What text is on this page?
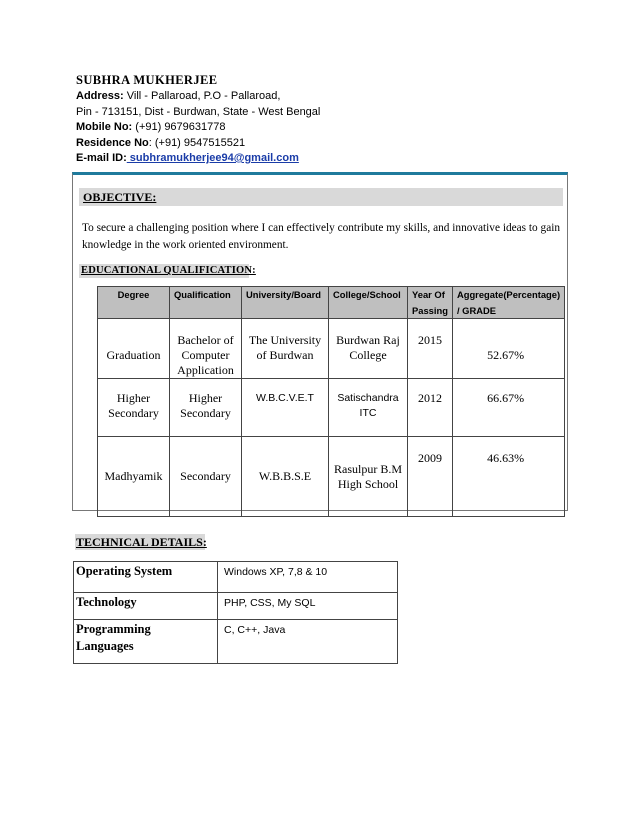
SUBHRA MUKHERJEE
Address: Vill - Pallaroad, P.O - Pallaroad,
Pin - 713151, Dist - Burdwan, State - West Bengal
Mobile No: (+91) 9679631778
Residence No: (+91) 9547515521
E-mail ID: subhramukherjee94@gmail.com
OBJECTIVE:
To secure a challenging position where I can effectively contribute my skills, and innovative ideas to gain knowledge in the work oriented environment.
EDUCATIONAL QUALIFICATION:
Degree	Qualification	University/Board	College/School	Year Of Passing	Aggregate(Percentage) / GRADE
Graduation	Bachelor of Computer Application	The University of Burdwan	Burdwan Raj College	2015	52.67%
Higher Secondary	Higher Secondary	W.B.C.V.E.T	Satischandra ITC	2012	66.67%
Madhyamik	Secondary	W.B.B.S.E	Rasulpur B.M High School	2009	46.63%
TECHNICAL DETAILS:
Operating System	Windows XP, 7,8 & 10
Technology	PHP, CSS, My SQL
Programming Languages	C, C++, Java
